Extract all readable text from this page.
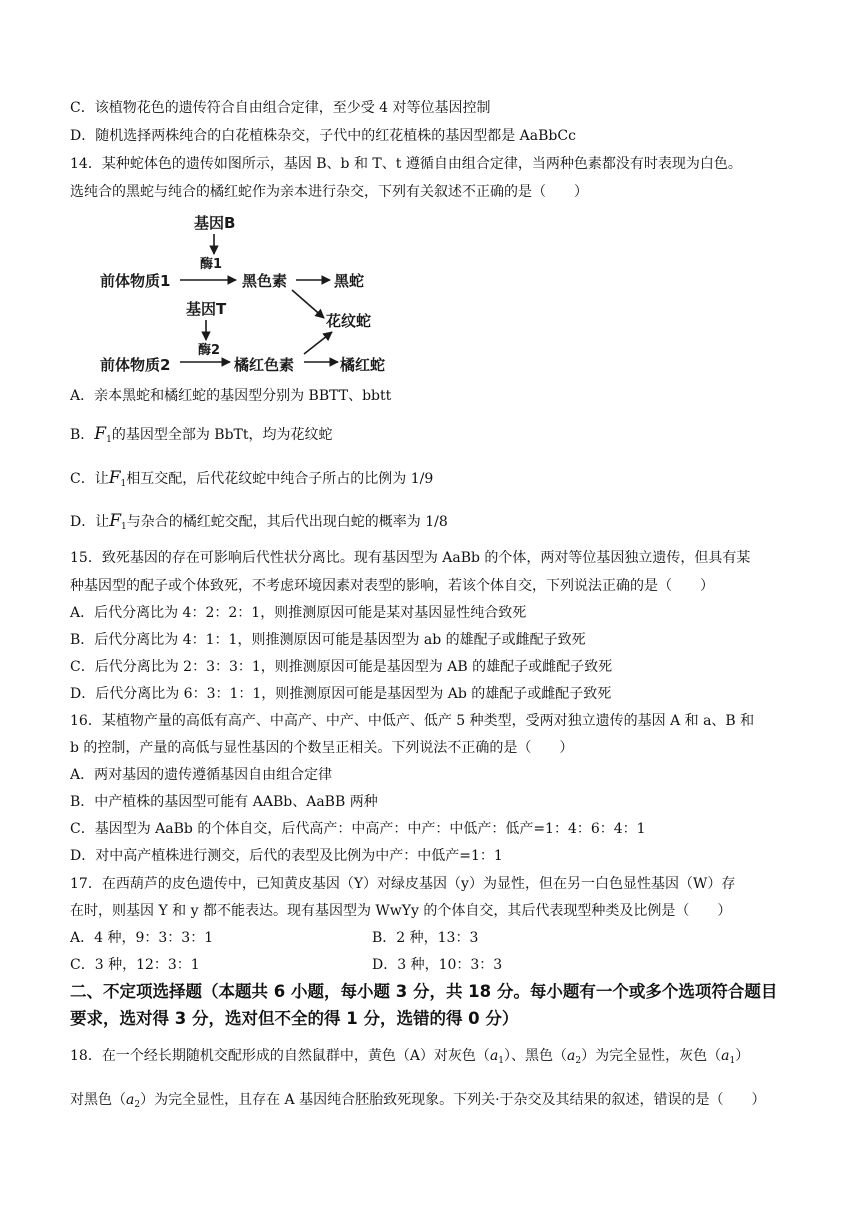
C．该植物花色的遗传符合自由组合定律，至少受 4 对等位基因控制
D．随机选择两株纯合的白花植株杂交，子代中的红花植株的基因型都是 AaBbCc
14．某种蛇体色的遗传如图所示，基因 B、b 和 T、t 遵循自由组合定律，当两种色素都没有时表现为白色。
选纯合的黑蛇与纯合的橘红蛇作为亲本进行杂交，下列有关叙述不正确的是（　　）
基因B
酶1
前体物质1	黑色素	黑蛇
基因T
花纹蛇
酶2
前体物质2	橘红色素	橘红蛇
A．亲本黑蛇和橘红蛇的基因型分别为 BBTT、bbtt
B．$F_1$的基因型全部为 BbTt，均为花纹蛇
C．让$F_1$相互交配，后代花纹蛇中纯合子所占的比例为 1/9
D．让$F_1$与杂合的橘红蛇交配，其后代出现白蛇的概率为 1/8
15．致死基因的存在可影响后代性状分离比。现有基因型为 AaBb 的个体，两对等位基因独立遗传，但具有某
种基因型的配子或个体致死，不考虑环境因素对表型的影响，若该个体自交，下列说法正确的是（　　）
A．后代分离比为 4：2：2：1，则推测原因可能是某对基因显性纯合致死
B．后代分离比为 4：1：1，则推测原因可能是基因型为 ab 的雄配子或雌配子致死
C．后代分离比为 2：3：3：1，则推测原因可能是基因型为 AB 的雄配子或雌配子致死
D．后代分离比为 6：3：1：1，则推测原因可能是基因型为 Ab 的雄配子或雌配子致死
16．某植物产量的高低有高产、中高产、中产、中低产、低产 5 种类型，受两对独立遗传的基因 A 和 a、B 和
b 的控制，产量的高低与显性基因的个数呈正相关。下列说法不正确的是（　　）
A．两对基因的遗传遵循基因自由组合定律
B．中产植株的基因型可能有 AABb、AaBB 两种
C．基因型为 AaBb 的个体自交，后代高产：中高产：中产：中低产：低产=1：4：6：4：1
D．对中高产植株进行测交，后代的表型及比例为中产：中低产=1：1
17．在西葫芦的皮色遗传中，已知黄皮基因（Y）对绿皮基因（y）为显性，但在另一白色显性基因（W）存
在时，则基因 Y 和 y 都不能表达。现有基因型为 WwYy 的个体自交，其后代表现型种类及比例是（　　）
A．4 种，9：3：3：1	B．2 种，13：3
C．3 种，12：3：1	D．3 种，10：3：3
二、不定项选择题（本题共 6 小题，每小题 3 分，共 18 分。每小题有一个或多个选项符合题目
要求，选对得 3 分，选对但不全的得 1 分，选错的得 0 分）
18．在一个经长期随机交配形成的自然鼠群中，黄色（A）对灰色$(a_1)$、黑色$(a_2)$为完全显性，灰色$(a_1)$
对黑色$(a_2)$为完全显性，且存在 A 基因纯合胚胎致死现象。下列关·于杂交及其结果的叙述，错误的是（　　）
